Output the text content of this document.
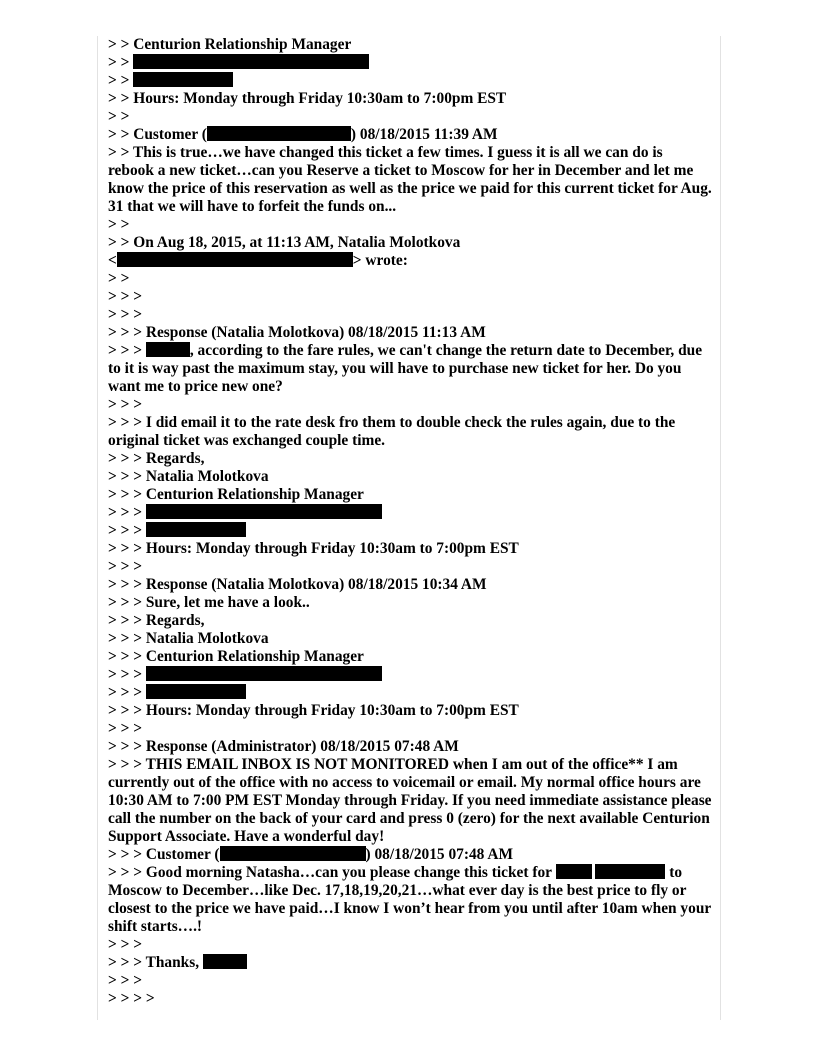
> > Centurion Relationship Manager
> >
> >
> > Hours: Monday through Friday 10:30am to 7:00pm EST
> >
> > Customer (	) 08/18/2015 11:39 AM
> > This is true…we have changed this ticket a few times. I guess it is all we can do is rebook a new ticket…can you Reserve a ticket to Moscow for her in December and let me know the price of this reservation as well as the price we paid for this current ticket for Aug. 31 that we will have to forfeit the funds on...
> >
> > On Aug 18, 2015, at 11:13 AM, Natalia Molotkova
<	> wrote:
> >
> > >
> > >
> > > Response (Natalia Molotkova) 08/18/2015 11:13 AM
> > >	, according to the fare rules, we can't change the return date to December, due to it is way past the maximum stay, you will have to purchase new ticket for her. Do you want me to price new one?
> > >
> > > I did email it to the rate desk fro them to double check the rules again, due to the original ticket was exchanged couple time.
> > > Regards,
> > > Natalia Molotkova
> > > Centurion Relationship Manager
> > >
> > >
> > > Hours: Monday through Friday 10:30am to 7:00pm EST
> > >
> > > Response (Natalia Molotkova) 08/18/2015 10:34 AM
> > > Sure, let me have a look..
> > > Regards,
> > > Natalia Molotkova
> > > Centurion Relationship Manager
> > >
> > >
> > > Hours: Monday through Friday 10:30am to 7:00pm EST
> > >
> > > Response (Administrator) 08/18/2015 07:48 AM
> > > THIS EMAIL INBOX IS NOT MONITORED when I am out of the office** I am currently out of the office with no access to voicemail or email. My normal office hours are 10:30 AM to 7:00 PM EST Monday through Friday. If you need immediate assistance please call the number on the back of your card and press 0 (zero) for the next available Centurion Support Associate. Have a wonderful day!
> > > Customer (	) 08/18/2015 07:48 AM
> > > Good morning Natasha…can you please change this ticket for	to Moscow to December…like Dec. 17,18,19,20,21…what ever day is the best price to fly or closest to the price we have paid…I know I won’t hear from you until after 10am when your shift starts….!
> > >
> > > Thanks,
> > >
> > > >
